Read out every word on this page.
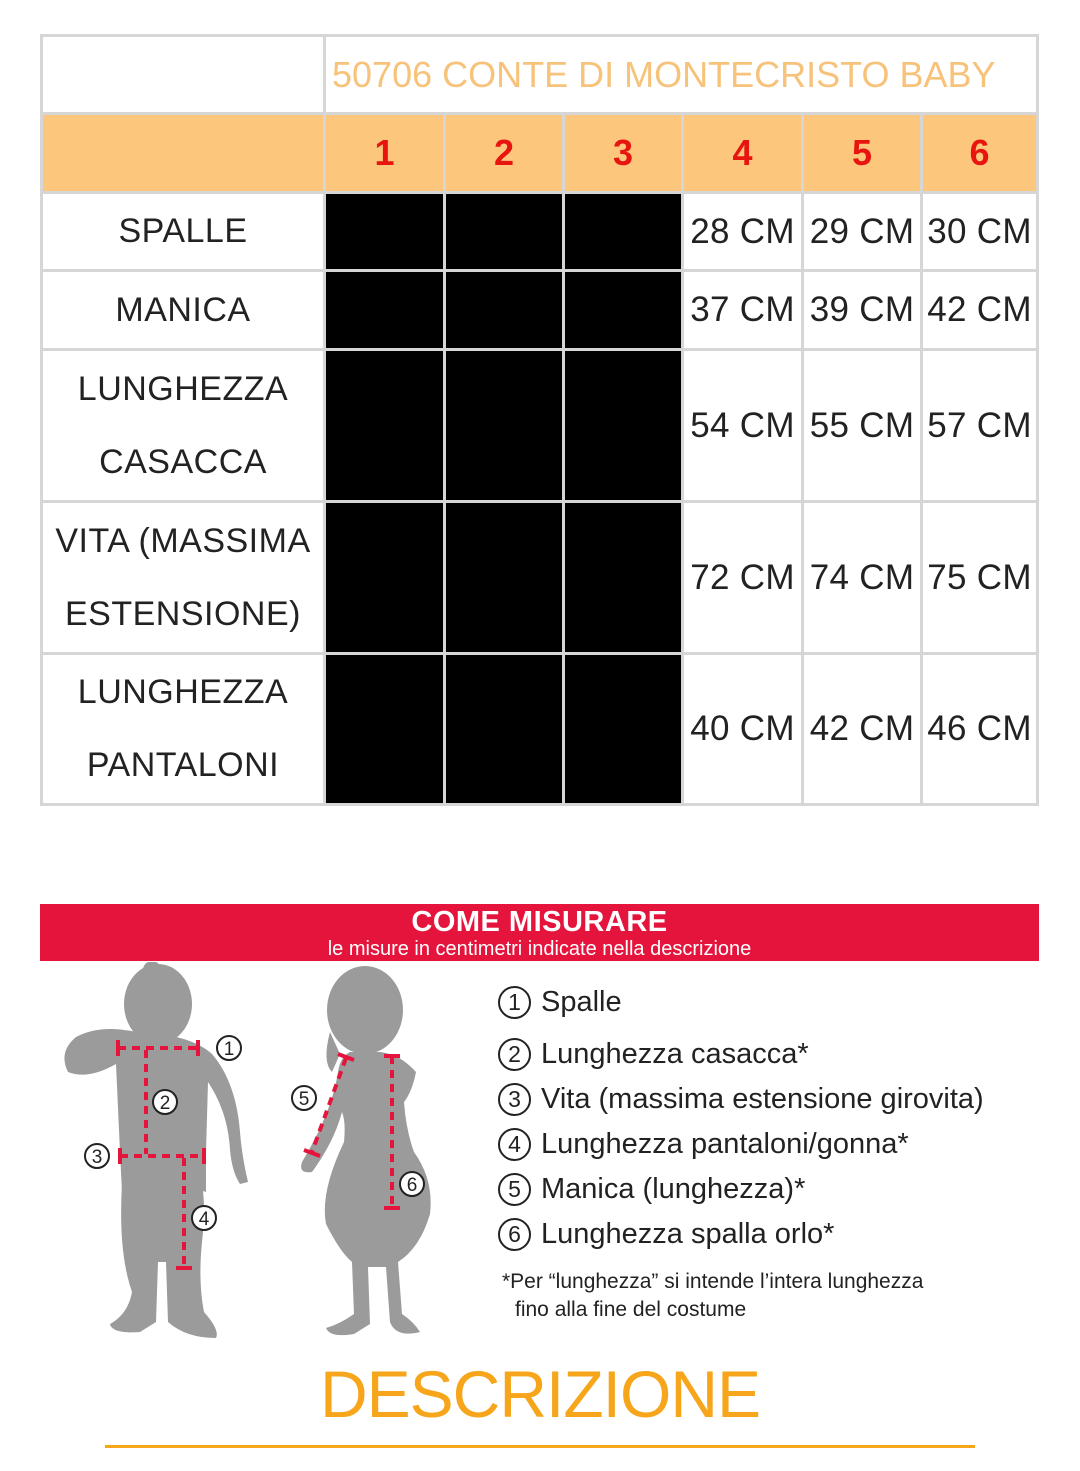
	50706 CONTE DI MONTECRISTO BABY					
	1	2	3	4	5	6
SPALLE				28 CM	29 CM	30 CM
MANICA				37 CM	39 CM	42 CM
LUNGHEZZA CASACCA				54 CM	55 CM	57 CM
VITA (MASSIMA ESTENSIONE)				72 CM	74 CM	75 CM
LUNGHEZZA PANTALONI				40 CM	42 CM	46 CM
COME MISURARE
le misure in centimetri indicate nella descrizione
1
2
3
4
5
6
1 Spalle
2 Lunghezza casacca*
3 Vita (massima estensione girovita)
4 Lunghezza pantaloni/gonna*
5 Manica (lunghezza)*
6 Lunghezza spalla orlo*
*Per “lunghezza” si intende l’intera lunghezza
fino alla fine del costume
DESCRIZIONE
